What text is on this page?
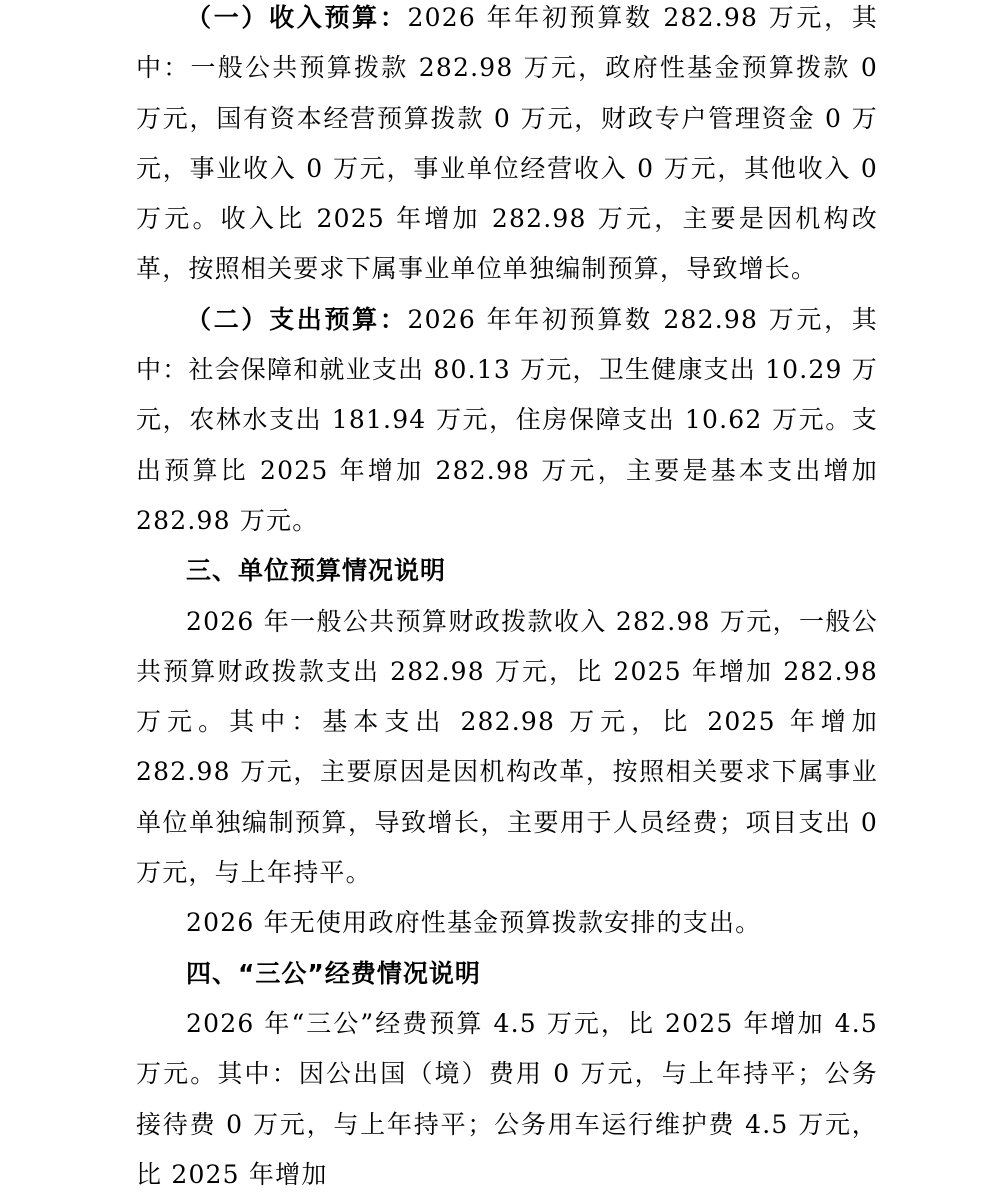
（一）收入预算：2026 年年初预算数 282.98 万元，其中：一般公共预算拨款 282.98 万元，政府性基金预算拨款 0 万元，国有资本经营预算拨款 0 万元，财政专户管理资金 0 万元，事业收入 0 万元，事业单位经营收入 0 万元，其他收入 0 万元。收入比 2025 年增加 282.98 万元，主要是因机构改革，按照相关要求下属事业单位单独编制预算，导致增长。

（二）支出预算：2026 年年初预算数 282.98 万元，其中：社会保障和就业支出 80.13 万元，卫生健康支出 10.29 万元，农林水支出 181.94 万元，住房保障支出 10.62 万元。支出预算比 2025 年增加 282.98 万元，主要是基本支出增加 282.98 万元。

三、单位预算情况说明

2026 年一般公共预算财政拨款收入 282.98 万元，一般公共预算财政拨款支出 282.98 万元，比 2025 年增加 282.98 万元。其中：基本支出 282.98 万元，比 2025 年增加 282.98 万元，主要原因是因机构改革，按照相关要求下属事业单位单独编制预算，导致增长，主要用于人员经费；项目支出 0 万元，与上年持平。

2026 年无使用政府性基金预算拨款安排的支出。

四、“三公”经费情况说明

2026 年“三公”经费预算 4.5 万元，比 2025 年增加 4.5 万元。其中：因公出国（境）费用 0 万元，与上年持平；公务接待费 0 万元，与上年持平；公务用车运行维护费 4.5 万元，比 2025 年增加
